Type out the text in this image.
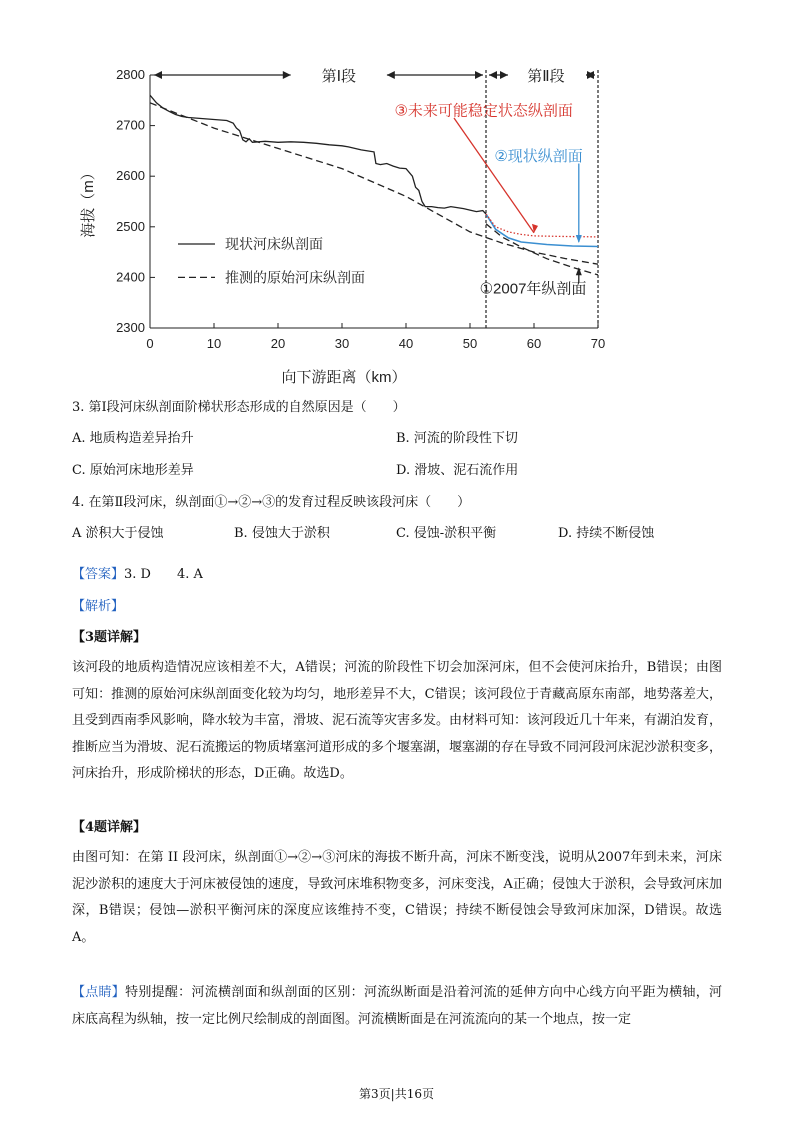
2300
2400
2500
2600
2700
2800
0	10	20	30	40	50	60	70
向下游距离（km）
海拔（m）
第Ⅰ段	第Ⅱ段
现状河床纵剖面
推测的原始河床纵剖面
③未来可能稳定状态纵剖面
②现状纵剖面
①2007年纵剖面
3. 第Ⅰ段河床纵剖面阶梯状形态形成的自然原因是（　　）
A. 地质构造差异抬升	B. 河流的阶段性下切
C. 原始河床地形差异	D. 滑坡、泥石流作用
4. 在第Ⅱ段河床，纵剖面①→②→③的发育过程反映该段河床（　　）
A 淤积大于侵蚀	B. 侵蚀大于淤积	C. 侵蚀-淤积平衡	D. 持续不断侵蚀
【答案】3. D　　4. A
【解析】
【3题详解】
该河段的地质构造情况应该相差不大，A错误；河流的阶段性下切会加深河床，但不会使河床抬升，B错误；由图可知：推测的原始河床纵剖面变化较为均匀，地形差异不大，C错误；该河段位于青藏高原东南部，地势落差大，且受到西南季风影响，降水较为丰富，滑坡、泥石流等灾害多发。由材料可知：该河段近几十年来，有湖泊发育，推断应当为滑坡、泥石流搬运的物质堵塞河道形成的多个堰塞湖，堰塞湖的存在导致不同河段河床泥沙淤积变多，河床抬升，形成阶梯状的形态，D正确。故选D。
【4题详解】
由图可知：在第 II 段河床，纵剖面①→②→③河床的海拔不断升高，河床不断变浅，说明从2007年到未来，河床泥沙淤积的速度大于河床被侵蚀的速度，导致河床堆积物变多，河床变浅，A正确；侵蚀大于淤积，会导致河床加深，B错误；侵蚀—淤积平衡河床的深度应该维持不变，C错误；持续不断侵蚀会导致河床加深，D错误。故选A。
【点睛】特别提醒：河流横剖面和纵剖面的区别：河流纵断面是沿着河流的延伸方向中心线方向平距为横轴，河床底高程为纵轴，按一定比例尺绘制成的剖面图。河流横断面是在河流流向的某一个地点，按一定
第3页|共16页
